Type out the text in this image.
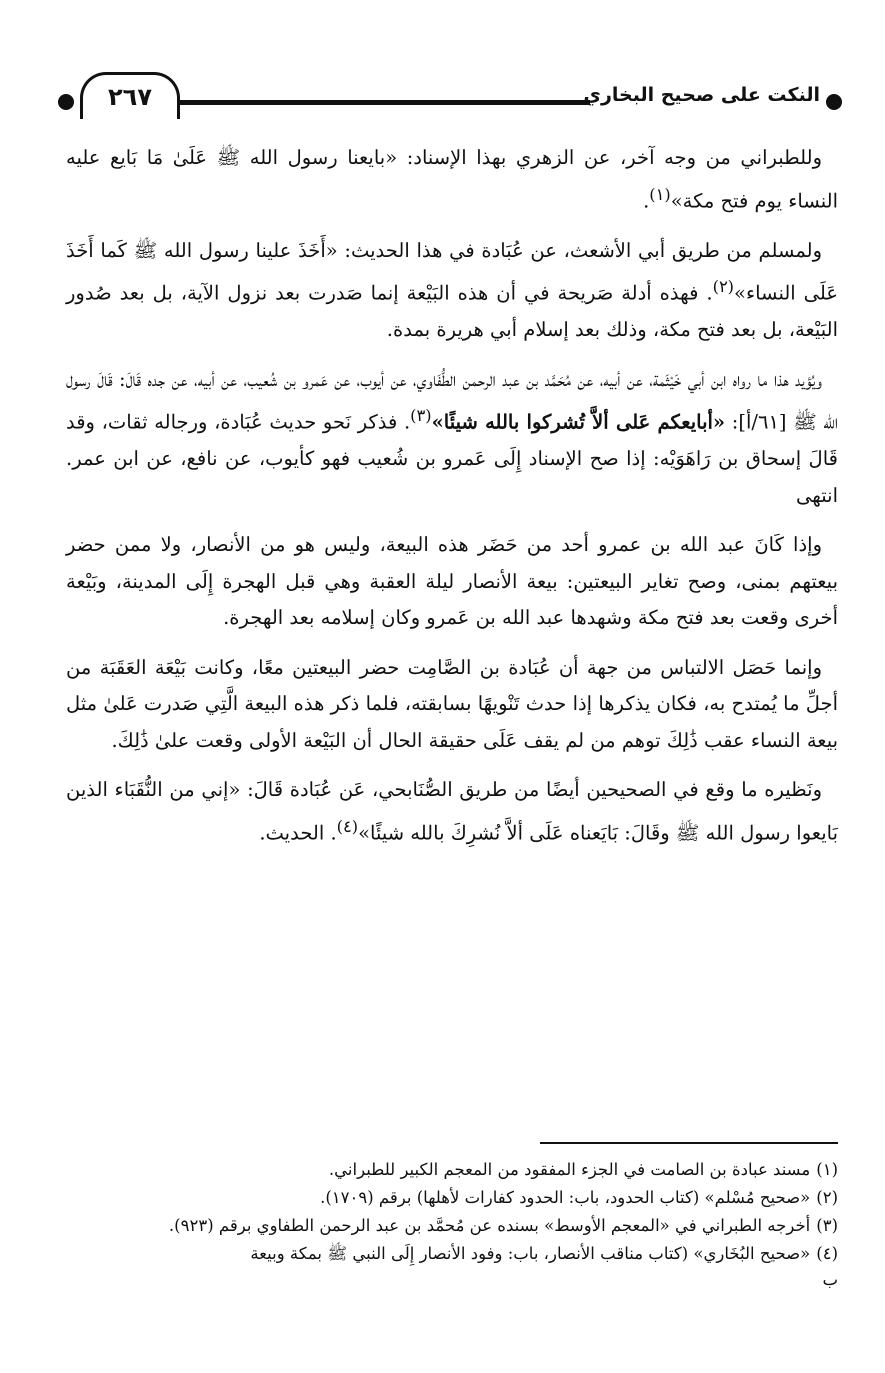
٢٦٧	النكت على صحيح البخاري

وللطبراني من وجه آخر، عن الزهري بهذا الإسناد: «بايعنا رسول الله ﷺ عَلَىٰ مَا بَايع عليه النساء يوم فتح مكة»$^{(١)}$.

ولمسلم من طريق أبي الأشعث، عن عُبَادة في هذا الحديث: «أَخَذَ علينا رسول الله ﷺ كَما أَخَذَ عَلَى النساء»$^{(٢)}$. فهذه أدلة صَريحة في أن هذه البَيْعة إنما صَدرت بعد نزول الآية، بل بعد صُدور البَيْعة، بل بعد فتح مكة، وذلك بعد إسلام أبي هريرة بمدة.

ويُؤيد هذا ما رواه ابن أبي خَيْثَمة، عن أبيه، عن مُحَمَّد بن عبد الرحمن الطُّفَاوي، عن أيوب، عن عَمرو بن شُعيب، عن أبيه، عن جده قَالَ: قَالَ رسول الله ﷺ [٦١/أ]: «أبايعكم عَلى ألاَّ تُشركوا بالله شيئًا»$^{(٣)}$. فذكر نَحو حديث عُبَادة، ورجاله ثقات، وقد قَالَ إسحاق بن رَاهَوَيْه: إذا صح الإسناد إِلَى عَمرو بن شُعيب فهو كأيوب، عن نافع، عن ابن عمر. انتهى

وإذا كَانَ عبد الله بن عمرو أحد من حَضَر هذه البيعة، وليس هو من الأنصار، ولا ممن حضر بيعتهم بمنى، وصح تغاير البيعتين: بيعة الأنصار ليلة العقبة وهي قبل الهجرة إِلَى المدينة، وبَيْعة أخرى وقعت بعد فتح مكة وشهدها عبد الله بن عَمرو وكان إسلامه بعد الهجرة.

وإنما حَصَل الالتباس من جهة أن عُبَادة بن الصَّامِت حضر البيعتين معًا، وكانت بَيْعَة العَقَبَة من أجلِّ ما يُمتدح به، فكان يذكرها إذا حدث تَنْويهًا بسابقته، فلما ذكر هذه البيعة الَّتِي صَدرت عَلىٰ مثل بيعة النساء عقب ذَٰلِكَ توهم من لم يقف عَلَى حقيقة الحال أن البَيْعة الأولى وقعت علىٰ ذَٰلِكَ.

ونَظيره ما وقع في الصحيحين أيضًا من طريق الصُّنَابحي، عَن عُبَادة قَالَ: «إني من النُّقَبَاء الذين بَايعوا رسول الله ﷺ وقَالَ: بَايَعناه عَلَى ألاَّ نُشرِكَ بالله شيئًا»$^{(٤)}$. الحديث.

(١)مسند عبادة بن الصامت في الجزء المفقود من المعجم الكبير للطبراني.

(٢)«صحيح مُسْلم» (كتاب الحدود، باب: الحدود كفارات لأهلها) برقم (١٧٠٩).

(٣)أخرجه الطبراني في «المعجم الأوسط» بسنده عن مُحمَّد بن عبد الرحمن الطفاوي برقم (٩٢٣).

(٤)«صحيح البُخَاري» (كتاب مناقب الأنصار، باب: وفود الأنصار إِلَى النبي ﷺ بمكة وبيعة

ب
